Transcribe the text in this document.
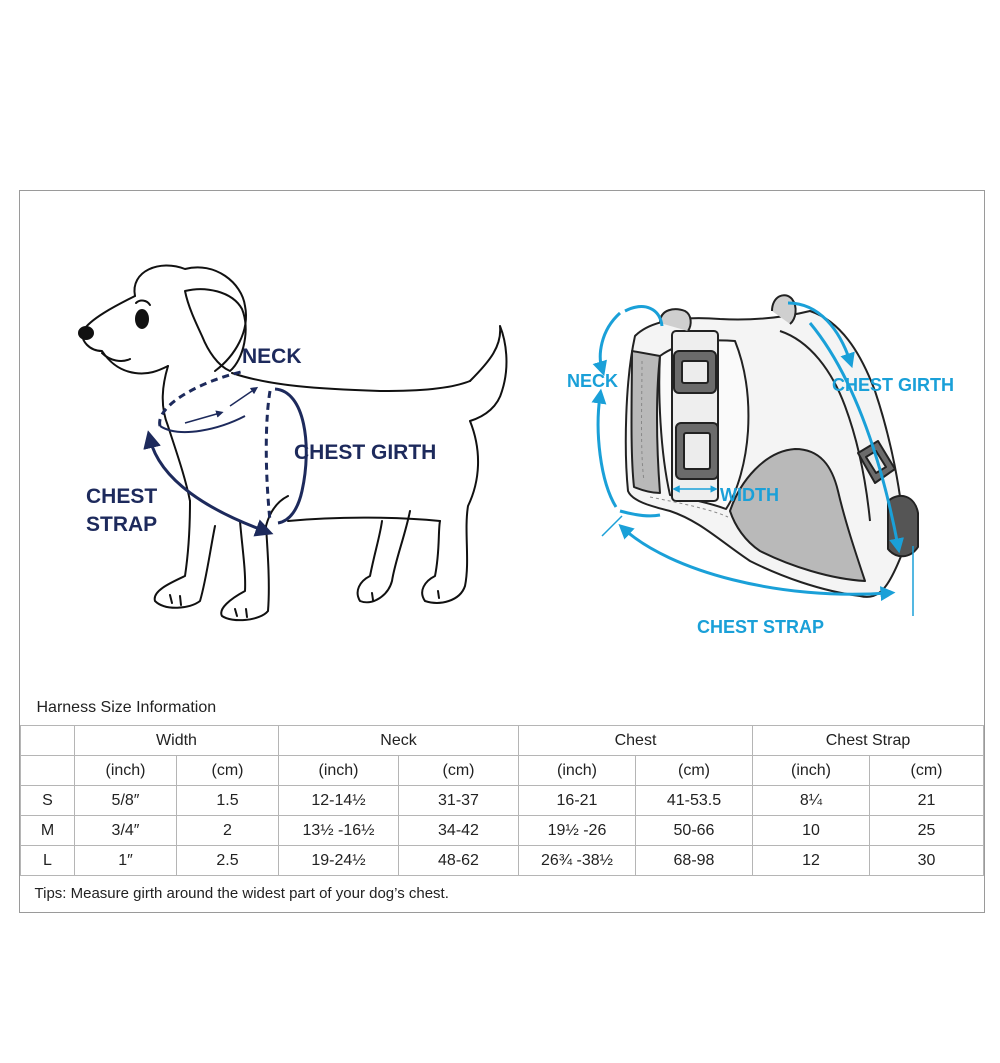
NECK
CHEST GIRTH
CHEST
STRAP
NECK	CHEST GIRTH
WIDTH
CHEST STRAP
Harness Size Information								
	Width		Neck		Chest		Chest Strap	
	(inch)	(cm)	(inch)	(cm)	(inch)	(cm)	(inch)	(cm)
S	5/8″	1.5	12-14½	31-37	16-21	41-53.5	8¼	21
M	3/4″	2	13½ -16½	34-42	19½ -26	50-66	10	25
L	1″	2.5	19-24½	48-62	26¾ -38½	68-98	12	30
Tips: Measure girth around the widest part of your dog’s chest.								
